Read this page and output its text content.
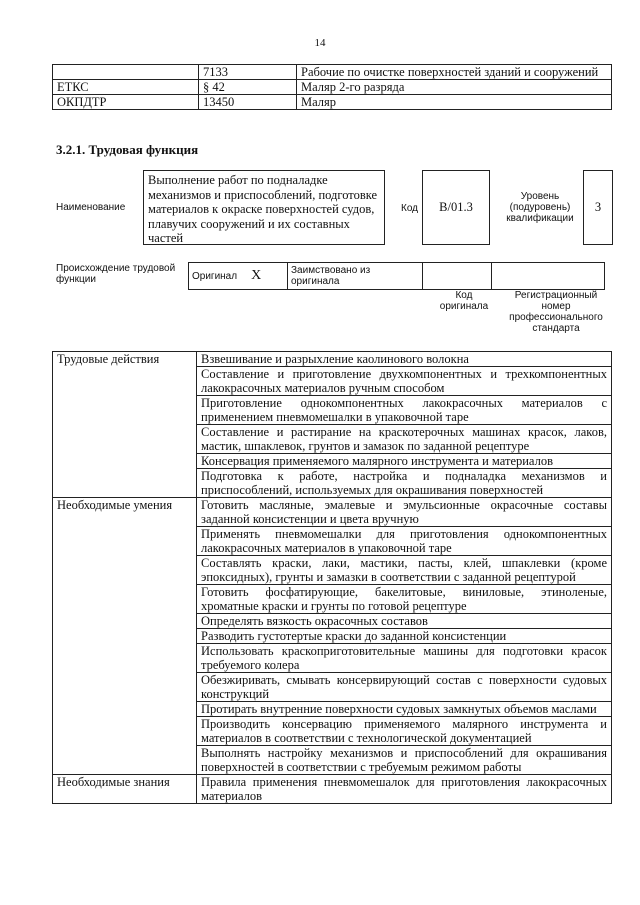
14
	7133	Рабочие по очистке поверхностей зданий и сооружений
ЕТКС	§ 42	Маляр 2-го разряда
ОКПДТР	13450	Маляр
3.2.1. Трудовая функция
Наименование
Выполнение работ по подналадке механизмов и приспособлений, подготовке материалов к окраске поверхностей судов, плавучих сооружений и их составных частей
Код B/01.3
Уровень (подуровень) квалификации
3
Происхождение трудовой функции	Оригинал X	Заимствовано из оригинала		
Код оригинала
Регистрационный номер профессионального стандарта
Трудовые действия	Взвешивание и разрыхление каолинового волокна
	Составление и приготовление двухкомпонентных и трехкомпонентных лакокрасочных материалов ручным способом
	Приготовление однокомпонентных лакокрасочных материалов с применением пневмомешалки в упаковочной таре
	Составление и растирание на краскотерочных машинах красок, лаков, мастик, шпаклевок, грунтов и замазок по заданной рецептуре
	Консервация применяемого малярного инструмента и материалов
	Подготовка к работе, настройка и подналадка механизмов и приспособлений, используемых для окрашивания поверхностей
Необходимые умения	Готовить масляные, эмалевые и эмульсионные окрасочные составы заданной консистенции и цвета вручную
	Применять пневмомешалки для приготовления однокомпонентных лакокрасочных материалов в упаковочной таре
	Составлять краски, лаки, мастики, пасты, клей, шпаклевки (кроме эпоксидных), грунты и замазки в соответствии с заданной рецептурой
	Готовить фосфатирующие, бакелитовые, виниловые, этиноленые, хроматные краски и грунты по готовой рецептуре
	Определять вязкость окрасочных составов
	Разводить густотертые краски до заданной консистенции
	Использовать краскоприготовительные машины для подготовки красок требуемого колера
	Обезжиривать, смывать консервирующий состав с поверхности судовых конструкций
	Протирать внутренние поверхности судовых замкнутых объемов маслами
	Производить консервацию применяемого малярного инструмента и материалов в соответствии с технологической документацией
	Выполнять настройку механизмов и приспособлений для окрашивания поверхностей в соответствии с требуемым режимом работы
Необходимые знания	Правила применения пневмомешалок для приготовления лакокрасочных материалов
